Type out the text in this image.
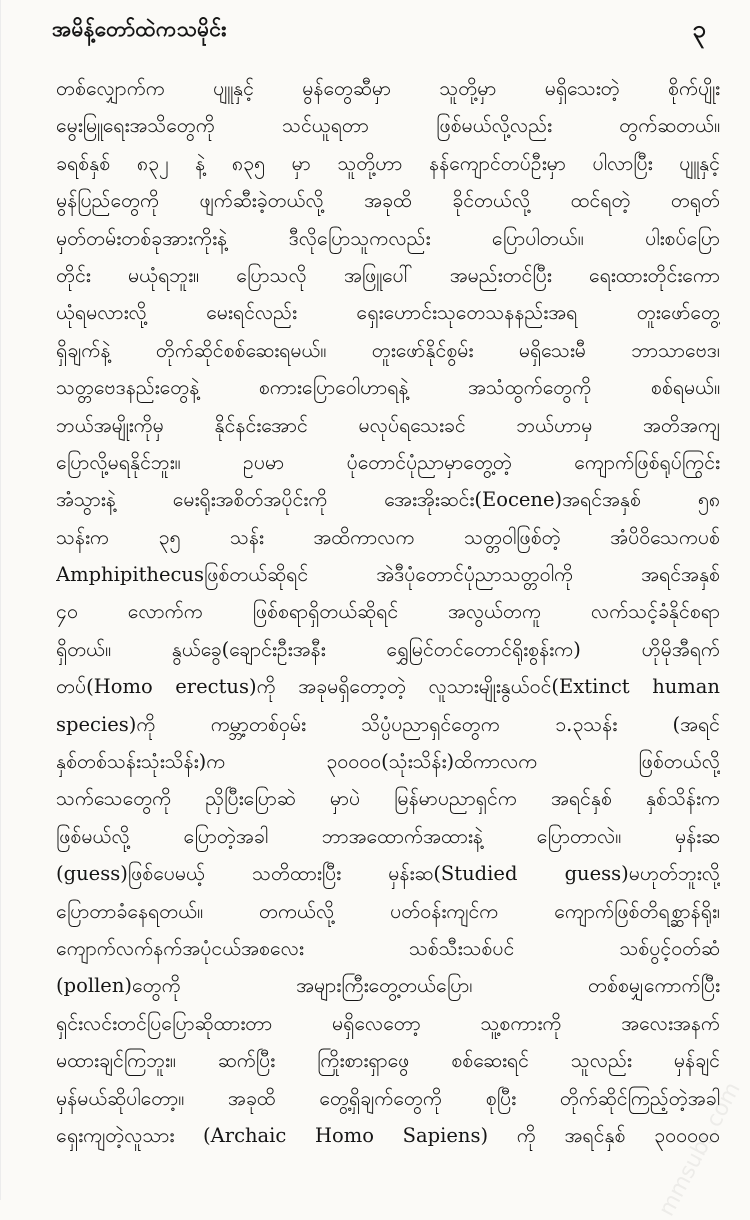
အမိန့်တော်ထဲကသမိုင်း	၃
တစ်လျှောက်က ပျူနှင့် မွန်တွေဆီမှာ သူတို့မှာ မရှိသေးတဲ့ စိုက်ပျိုး
မွေးမြူရေးအသိတွေကို သင်ယူရတာ ဖြစ်မယ်လို့လည်း တွက်ဆတယ်။
ခရစ်နှစ် ၈၃၂ နဲ့ ၈၃၅ မှာ သူတို့ဟာ နန်ကျောင်တပ်ဦးမှာ ပါလာပြီး ပျူနှင့်
မွန်ပြည်တွေကို ဖျက်ဆီးခဲ့တယ်လို့ အခုထိ ခိုင်တယ်လို့ ထင်ရတဲ့ တရုတ်
မှတ်တမ်းတစ်ခုအားကိုးနဲ့ ဒီလိုပြောသူကလည်း ပြောပါတယ်။ ပါးစပ်ပြော
တိုင်း မယုံရဘူး။ ပြောသလို အဖြူပေါ် အမည်းတင်ပြီး ရေးထားတိုင်းကော
ယုံရမလားလို့ မေးရင်လည်း ရှေးဟောင်းသုတေသနနည်းအရ တူးဖော်တွေ့
ရှိချက်နဲ့ တိုက်ဆိုင်စစ်ဆေးရမယ်။ တူးဖော်နိုင်စွမ်း မရှိသေးမီ ဘာသာဗေဒ၊
သတ္တဗေဒနည်းတွေနဲ့ စကားပြောဝေါဟာရနဲ့ အသံထွက်တွေကို စစ်ရမယ်။
ဘယ်အမျိုးကိုမှ နိုင်နင်းအောင် မလုပ်ရသေးခင် ဘယ်ဟာမှ အတိအကျ
ပြောလို့မရနိုင်ဘူး။ ဥပမာ ပုံတောင်ပုံညာမှာတွေ့တဲ့ ကျောက်ဖြစ်ရုပ်ကြွင်း
အံသွားနဲ့ မေးရိုးအစိတ်အပိုင်းကို အေးအိုးဆင်း(Eocene)အရင်အနှစ် ၅၈
သန်းက ၃၅ သန်း အထိကာလက သတ္တဝါဖြစ်တဲ့ အံပိဝိသေကပစ်
Amphipithecusဖြစ်တယ်ဆိုရင် အဲဒီပုံတောင်ပုံညာသတ္တဝါကို အရင်အနှစ်
၄၀ လောက်က ဖြစ်စရာရှိတယ်ဆိုရင် အလွယ်တကူ လက်သင့်ခံနိုင်စရာ
ရှိတယ်။ နွယ်ခွေ(ချောင်းဦးအနီး ရွှေမြင်တင်တောင်ရိုးစွန်းက) ဟိုမိုအီရက်
တပ်(Homo erectus)ကို အခုမရှိတော့တဲ့ လူသားမျိုးနွယ်ဝင်(Extinct human
species)ကို ကမ္ဘာ့တစ်ဝှမ်း သိပ္ပံပညာရှင်တွေက ၁.၃သန်း (အရင်
နှစ်တစ်သန်းသုံးသိန်း)က ၃၀၀၀၀(သုံးသိန်း)ထိကာလက ဖြစ်တယ်လို့
သက်သေတွေကို ညှိပြီးပြောဆဲ မှာပဲ မြန်မာပညာရှင်က အရင်နှစ် နှစ်သိန်းက
ဖြစ်မယ်လို့ ပြောတဲ့အခါ ဘာအထောက်အထားနဲ့ ပြောတာလဲ။ မှန်းဆ
(guess)ဖြစ်ပေမယ့် သတိထားပြီး မှန်းဆ(Studied guess)မဟုတ်ဘူးလို့
ပြောတာခံနေရတယ်။ တကယ်လို့ ပတ်ဝန်းကျင်က ကျောက်ဖြစ်တိရစ္ဆာန်ရိုး၊
ကျောက်လက်နက်အပုံငယ်အစလေး သစ်သီးသစ်ပင် သစ်ပွင့်ဝတ်ဆံ
(pollen)တွေကို အများကြီးတွေ့တယ်ပြော၊ တစ်စမျှကောက်ပြီး
ရှင်းလင်းတင်ပြပြောဆိုထားတာ မရှိလေတော့ သူ့စကားကို အလေးအနက်
မထားချင်ကြဘူး။ ဆက်ပြီး ကြိုးစားရှာဖွေ စစ်ဆေးရင် သူလည်း မှန်ချင်
မှန်မယ်ဆိုပါတော့။ အခုထိ တွေ့ရှိချက်တွေကို စုပြီး တိုက်ဆိုင်ကြည့်တဲ့အခါ
ရှေးကျတဲ့လူသား (Archaic Homo Sapiens) ကို အရင်နှစ် ၃၀၀၀၀၀
mmsubs.com
